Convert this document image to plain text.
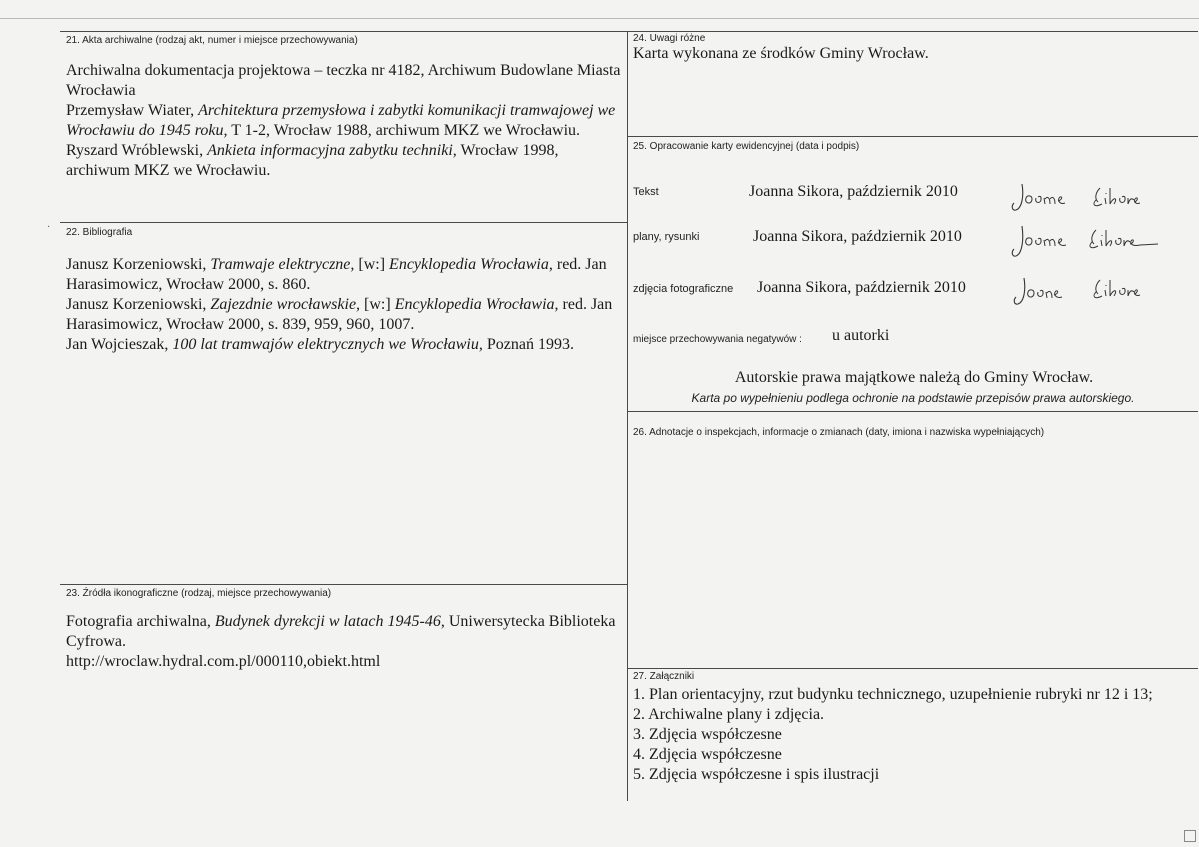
21. Akta archiwalne (rodzaj akt, numer i miejsce przechowywania)

Archiwalna dokumentacja projektowa – teczka nr 4182, Archiwum Budowlane Miasta Wrocławia

Przemysław Wiater, Architektura przemysłowa i zabytki komunikacji tramwajowej we Wrocławiu do 1945 roku, T 1-2, Wrocław 1988, archiwum MKZ we Wrocławiu.

Ryszard Wróblewski, Ankieta informacyjna zabytku techniki, Wrocław 1998, archiwum MKZ we Wrocławiu.

22. Bibliografia

Janusz Korzeniowski, Tramwaje elektryczne, [w:] Encyklopedia Wrocławia, red. Jan Harasimowicz, Wrocław 2000, s. 860.

Janusz Korzeniowski, Zajezdnie wrocławskie, [w:] Encyklopedia Wrocławia, red. Jan Harasimowicz, Wrocław 2000, s. 839, 959, 960, 1007.

Jan Wojcieszak, 100 lat tramwajów elektrycznych we Wrocławiu, Poznań 1993.

23. Źródła ikonograficzne (rodzaj, miejsce przechowywania)

Fotografia archiwalna, Budynek dyrekcji w latach 1945-46, Uniwersytecka Biblioteka Cyfrowa.

http://wroclaw.hydral.com.pl/000110,obiekt.html

24. Uwagi różne
Karta wykonana ze środków Gminy Wrocław.
25. Opracowanie karty ewidencyjnej (data i podpis)
Tekst	Joanna Sikora, październik 2010
plany, rysunki	Joanna Sikora, październik 2010
zdjęcia fotograficzne Joanna Sikora, październik 2010
miejsce przechowywania negatywów : u autorki
Autorskie prawa majątkowe należą do Gminy Wrocław.
Karta po wypełnieniu podlega ochronie na podstawie przepisów prawa autorskiego.
26. Adnotacje o inspekcjach, informacje o zmianach (daty, imiona i nazwiska wypełniających)
27. Załączniki

1. Plan orientacyjny, rzut budynku technicznego, uzupełnienie rubryki nr 12 i 13;

2. Archiwalne plany i zdjęcia.

3. Zdjęcia współczesne

4. Zdjęcia współczesne

5. Zdjęcia współczesne i spis ilustracji

·
